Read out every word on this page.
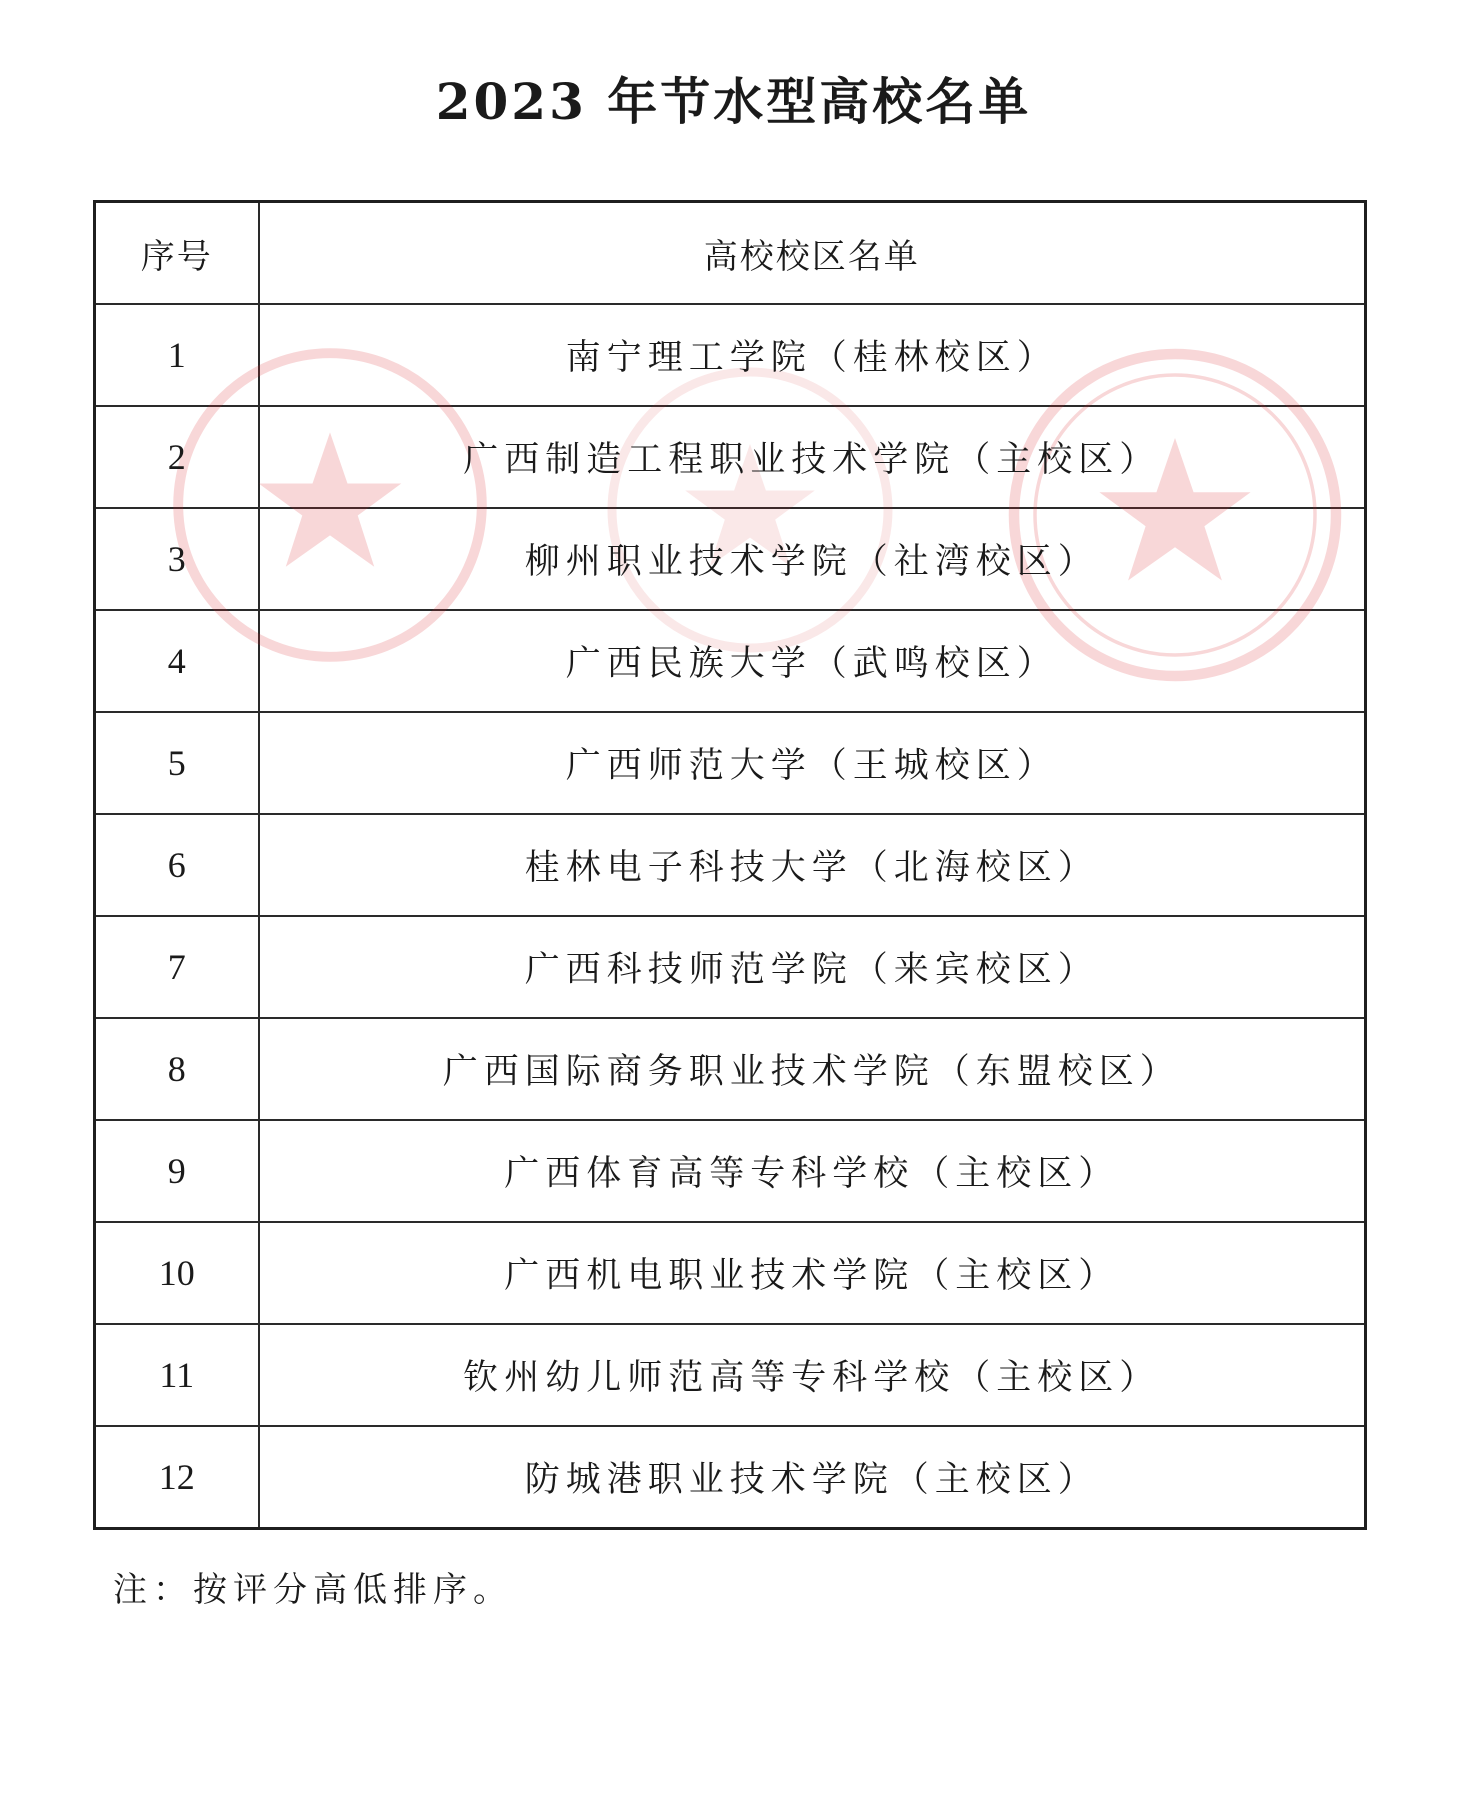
2023 年节水型高校名单
序号	高校校区名单
1	南宁理工学院（桂林校区）
2	广西制造工程职业技术学院（主校区）
3	柳州职业技术学院（社湾校区）
4	广西民族大学（武鸣校区）
5	广西师范大学（王城校区）
6	桂林电子科技大学（北海校区）
7	广西科技师范学院（来宾校区）
8	广西国际商务职业技术学院（东盟校区）
9	广西体育高等专科学校（主校区）
10	广西机电职业技术学院（主校区）
11	钦州幼儿师范高等专科学校（主校区）
12	防城港职业技术学院（主校区）
注：按评分高低排序。
